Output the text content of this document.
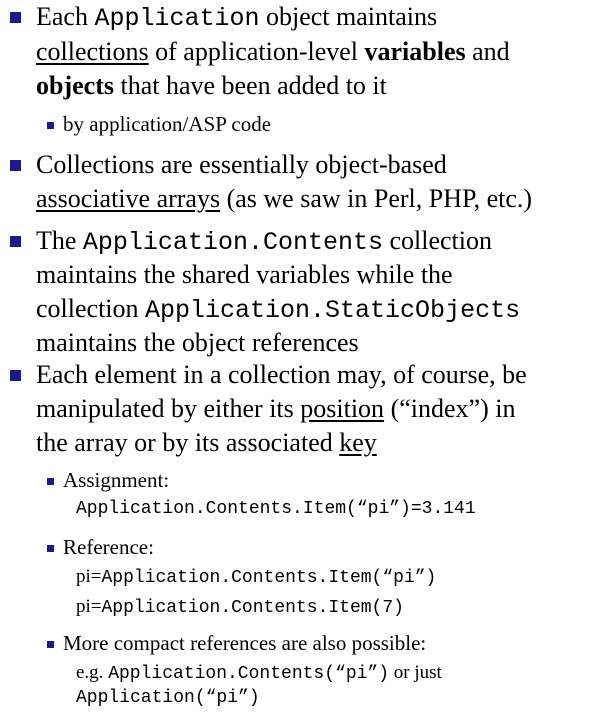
Each Application object maintains
collections of application-level variables and
objects that have been added to it
by application/ASP code
Collections are essentially object-based
associative arrays (as we saw in Perl, PHP, etc.)
The Application.Contents collection
maintains the shared variables while the
collection Application.StaticObjects
maintains the object references
Each element in a collection may, of course, be
manipulated by either its position (“index”) in
the array or by its associated key
Assignment:
Application.Contents.Item(“pi”)=3.141
Reference:
pi=Application.Contents.Item(“pi”)
pi=Application.Contents.Item(7)
More compact references are also possible:
e.g. Application.Contents(“pi”) or just
Application(“pi”)
